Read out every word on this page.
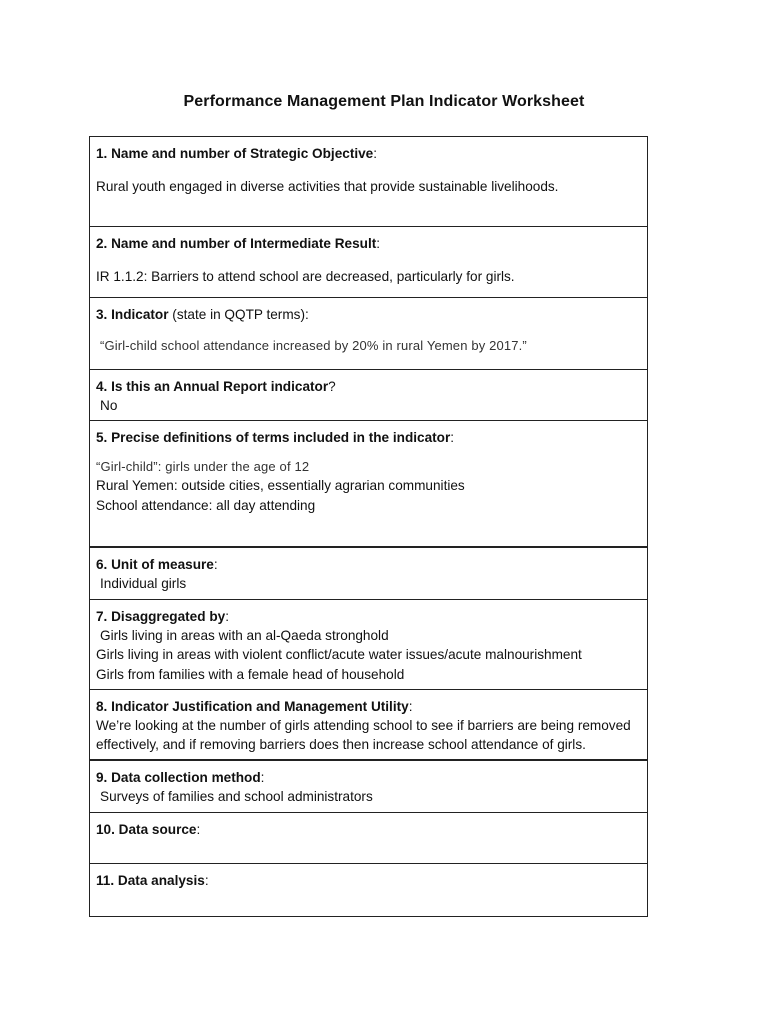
Performance Management Plan Indicator Worksheet
1. Name and number of Strategic Objective:
Rural youth engaged in diverse activities that provide sustainable livelihoods.
2. Name and number of Intermediate Result:
IR 1.1.2: Barriers to attend school are decreased, particularly for girls.
3. Indicator (state in QQTP terms):
“Girl-child school attendance increased by 20% in rural Yemen by 2017.”
4. Is this an Annual Report indicator?
No
5. Precise definitions of terms included in the indicator:
“Girl-child”: girls under the age of 12
Rural Yemen: outside cities, essentially agrarian communities
School attendance: all day attending
6. Unit of measure:
Individual girls
7. Disaggregated by:
Girls living in areas with an al-Qaeda stronghold
Girls living in areas with violent conflict/acute water issues/acute malnourishment
Girls from families with a female head of household
8. Indicator Justification and Management Utility:
We’re looking at the number of girls attending school to see if barriers are being removed
effectively, and if removing barriers does then increase school attendance of girls.
9. Data collection method:
Surveys of families and school administrators
10. Data source:
11. Data analysis:
